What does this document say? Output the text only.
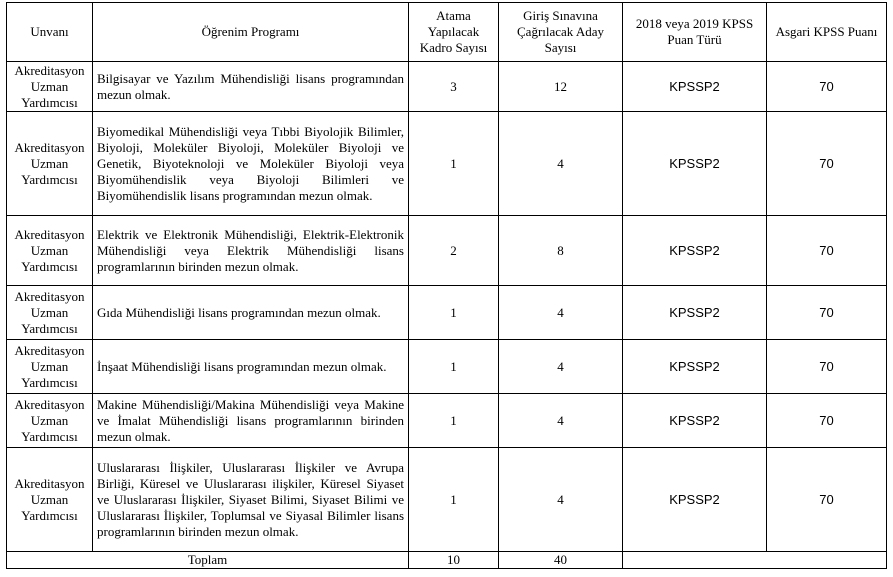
Unvanı	Öğrenim Programı	Atama Yapılacak Kadro Sayısı	Giriş Sınavına Çağrılacak Aday Sayısı	2018 veya 2019 KPSS Puan Türü	Asgari KPSS Puanı
Akreditasyon Uzman Yardımcısı	Bilgisayar ve Yazılım Mühendisliği lisans programından mezun olmak.	3	12	KPSSP2	70
Akreditasyon Uzman Yardımcısı	Biyomedikal Mühendisliği veya Tıbbi Biyolojik Bilimler, Biyoloji, Moleküler Biyoloji, Moleküler Biyoloji ve Genetik, Biyoteknoloji ve Moleküler Biyoloji veya Biyomühendislik veya Biyoloji Bilimleri ve Biyomühendislik lisans programından mezun olmak.	1	4	KPSSP2	70
Akreditasyon Uzman Yardımcısı	Elektrik ve Elektronik Mühendisliği, Elektrik-Elektronik Mühendisliği veya Elektrik Mühendisliği lisans programlarının birinden mezun olmak.	2	8	KPSSP2	70
Akreditasyon Uzman Yardımcısı	Gıda Mühendisliği lisans programından mezun olmak.	1	4	KPSSP2	70
Akreditasyon Uzman Yardımcısı	İnşaat Mühendisliği lisans programından mezun olmak.	1	4	KPSSP2	70
Akreditasyon Uzman Yardımcısı	Makine Mühendisliği/Makina Mühendisliği veya Makine ve İmalat Mühendisliği lisans programlarının birinden mezun olmak.	1	4	KPSSP2	70
Akreditasyon Uzman Yardımcısı	Uluslararası İlişkiler, Uluslararası İlişkiler ve Avrupa Birliği, Küresel ve Uluslararası ilişkiler, Küresel Siyaset ve Uluslararası İlişkiler, Siyaset Bilimi, Siyaset Bilimi ve Uluslararası İlişkiler, Toplumsal ve Siyasal Bilimler lisans programlarının birinden mezun olmak.	1	4	KPSSP2	70
Toplam		10	40		
